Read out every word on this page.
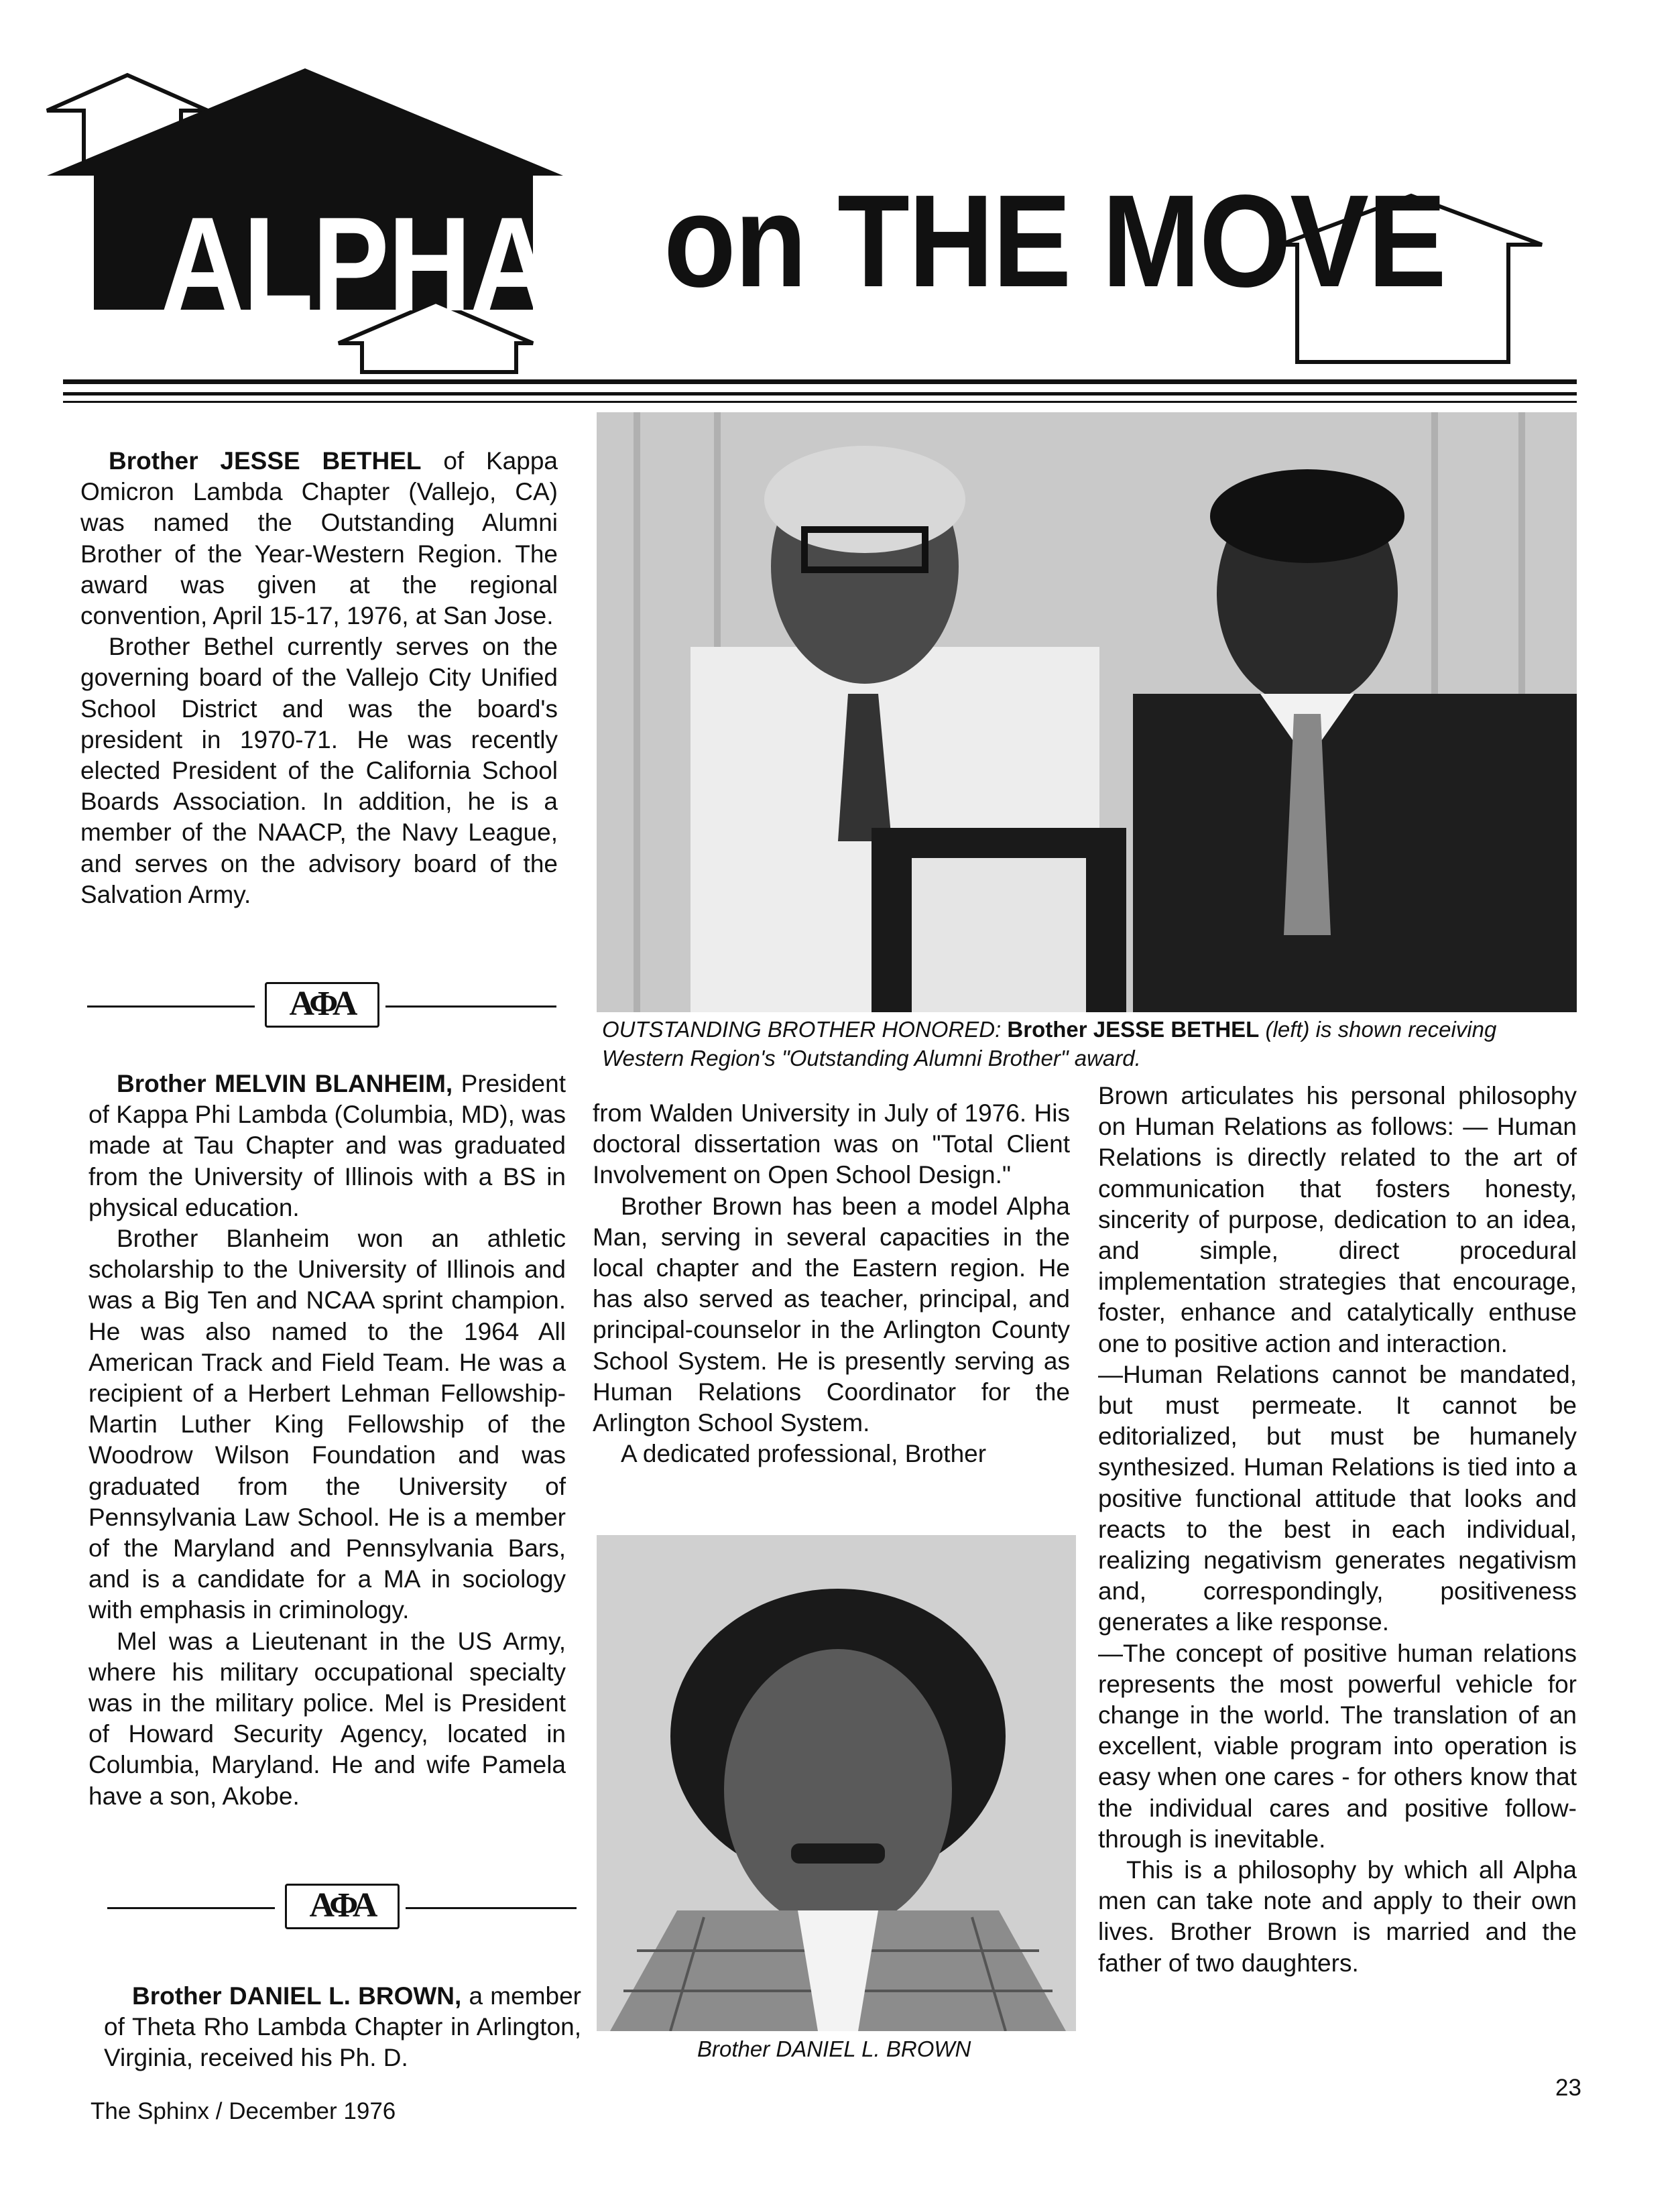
ALPHAS on THE MOVE

Brother JESSE BETHEL of Kappa Omicron Lambda Chapter (Vallejo, CA) was named the Outstanding Alumni Brother of the Year-Western Region. The award was given at the regional convention, April 15-17, 1976, at San Jose.

Brother Bethel currently serves on the governing board of the Vallejo City Unified School District and was the board's president in 1970-71. He was recently elected President of the California School Boards Association. In addition, he is a member of the NAACP, the Navy League, and serves on the advisory board of the Salvation Army.

ΑΦΑ

Brother MELVIN BLANHEIM, President of Kappa Phi Lambda (Columbia, MD), was made at Tau Chapter and was graduated from the University of Illinois with a BS in physical education.

Brother Blanheim won an athletic scholarship to the University of Illinois and was a Big Ten and NCAA sprint champion. He was also named to the 1964 All American Track and Field Team. He was a recipient of a Herbert Lehman Fellowship-Martin Luther King Fellowship of the Woodrow Wilson Foundation and was graduated from the University of Pennsylvania Law School. He is a member of the Maryland and Pennsylvania Bars, and is a candidate for a MA in sociology with emphasis in criminology.

Mel was a Lieutenant in the US Army, where his military occupational specialty was in the military police. Mel is President of Howard Security Agency, located in Columbia, Maryland. He and wife Pamela have a son, Akobe.

ΑΦΑ

Brother DANIEL L. BROWN, a member of Theta Rho Lambda Chapter in Arlington, Virginia, received his Ph. D.

OUTSTANDING BROTHER HONORED: Brother JESSE BETHEL (left) is shown receiving Western Region's "Outstanding Alumni Brother" award.

from Walden University in July of 1976. His doctoral dissertation was on "Total Client Involvement on Open School Design."

Brother Brown has been a model Alpha Man, serving in several capacities in the local chapter and the Eastern region. He has also served as teacher, principal, and principal-counselor in the Arlington County School System. He is presently serving as Human Relations Coordinator for the Arlington School System.

A dedicated professional, Brother

Brother DANIEL L. BROWN

Brown articulates his personal philosophy on Human Relations as follows: — Human Relations is directly related to the art of communication that fosters honesty, sincerity of purpose, dedication to an idea, and simple, direct procedural implementation strategies that encourage, foster, enhance and catalytically enthuse one to positive action and interaction.

—Human Relations cannot be mandated, but must permeate. It cannot be editorialized, but must be humanely synthesized. Human Relations is tied into a positive functional attitude that looks and reacts to the best in each individual, realizing negativism generates negativism and, correspondingly, positiveness generates a like response.

—The concept of positive human relations represents the most powerful vehicle for change in the world. The translation of an excellent, viable program into operation is easy when one cares - for others know that the individual cares and positive follow-through is inevitable.

This is a philosophy by which all Alpha men can take note and apply to their own lives. Brother Brown is married and the father of two daughters.

The Sphinx / December 1976
23
